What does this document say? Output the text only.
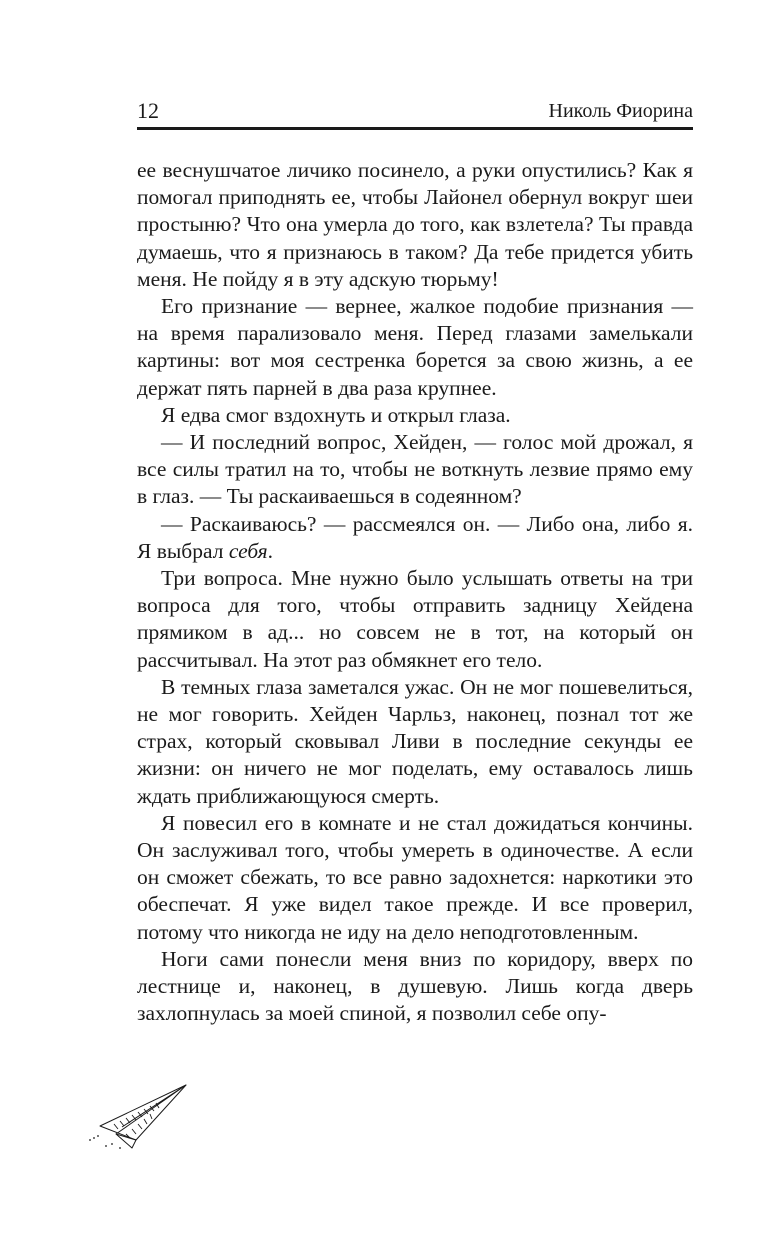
12	Николь Фиорина

ее веснушчатое личико посинело, а руки опустились? Как я помогал приподнять ее, чтобы Лайонел обернул вокруг шеи простыню? Что она умерла до того, как взлетела? Ты правда думаешь, что я признаюсь в таком? Да тебе придется убить меня. Не пойду я в эту адскую тюрьму!

Его признание — вернее, жалкое подобие признания — на время парализовало меня. Перед глазами замелькали картины: вот моя сестренка борется за свою жизнь, а ее держат пять парней в два раза крупнее.

Я едва смог вздохнуть и открыл глаза.

— И последний вопрос, Хейден, — голос мой дрожал, я все силы тратил на то, чтобы не воткнуть лезвие прямо ему в глаз. — Ты раскаиваешься в содеянном?

— Раскаиваюсь? — рассмеялся он. — Либо она, либо я. Я выбрал себя.

Три вопроса. Мне нужно было услышать ответы на три вопроса для того, чтобы отправить задницу Хейдена прямиком в ад... но совсем не в тот, на который он рассчитывал. На этот раз обмякнет его тело.

В темных глаза заметался ужас. Он не мог пошевелиться, не мог говорить. Хейден Чарльз, наконец, познал тот же страх, который сковывал Ливи в последние секунды ее жизни: он ничего не мог поделать, ему оставалось лишь ждать приближающуюся смерть.

Я повесил его в комнате и не стал дожидаться кончины. Он заслуживал того, чтобы умереть в одиночестве. А если он сможет сбежать, то все равно задохнется: наркотики это обеспечат. Я уже видел такое прежде. И все проверил, потому что никогда не иду на дело неподготовленным.

Ноги сами понесли меня вниз по коридору, вверх по лестнице и, наконец, в душевую. Лишь когда дверь захлопнулась за моей спиной, я позволил себе опу-
